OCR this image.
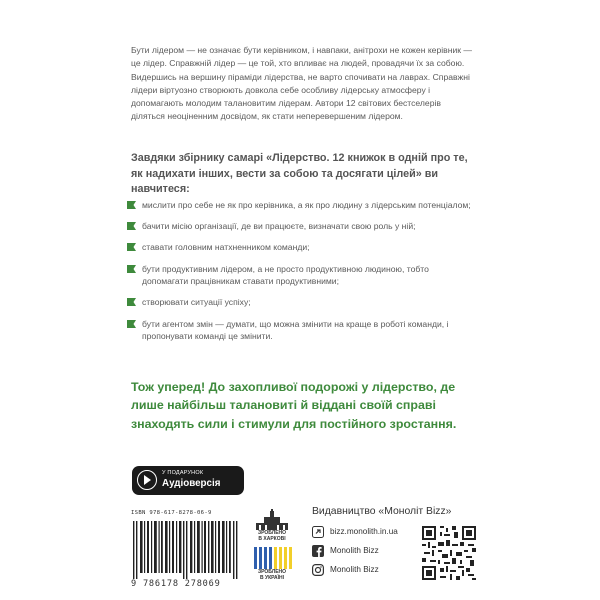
Бути лідером — не означає бути керівником, і навпаки, анітрохи не кожен керівник — це лідер. Справжній лідер — це той, хто впливає на людей, провадячи їх за собою. Видершись на вершину піраміди лідерства, не варто спочивати на лаврах. Справжні лідери віртуозно створюють довкола себе особливу лідерську атмосферу і допомагають молодим талановитим лідерам. Автори 12 світових бестселерів діляться неоціненним досвідом, як стати неперевершеним лідером.

Завдяки збірнику самарі «Лідерство. 12 книжок в одній про те, як надихати інших, вести за собою та досягати цілей» ви навчитеся:

мислити про себе не як про керівника, а як про людину з лідерським потенціалом;
бачити місію організації, де ви працюєте, визначати свою роль у ній;
ставати головним натхненником команди;
бути продуктивним лідером, а не просто продуктивною людиною, тобто допомагати працівникам ставати продуктивними;
створювати ситуації успіху;
бути агентом змін — думати, що можна змінити на краще в роботі команди, і пропонувати команді це змінити.

Тож уперед! До захопливої подорожі у лідерство, де лише найбільш талановиті й віддані своїй справі знаходять сили і стимули для постійного зростання.

У ПОДАРУНОК
Аудіоверсія
ISBN 978-617-8278-06-9
9 786178 278069
ЗРОБЛЕНО
В ХАРКОВІ
ЗРОБЛЕНО
В УКРАЇНІ
Видавництво «Моноліт Bizz»
bizz.monolith.in.ua
Monolith Bizz
Monolith Bizz
